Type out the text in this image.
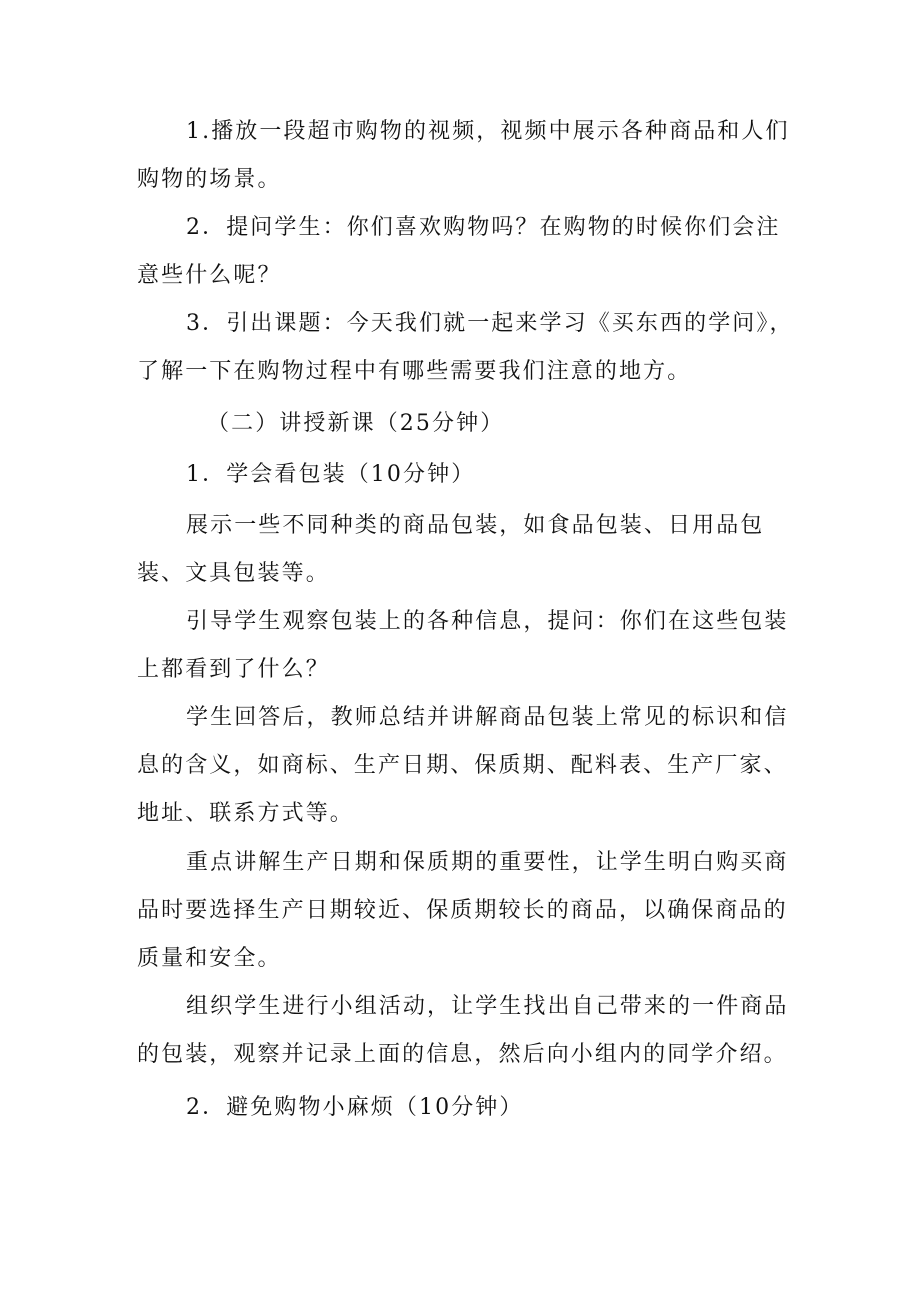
1.播放一段超市购物的视频，视频中展示各种商品和人们购物的场景。

2．提问学生：你们喜欢购物吗？在购物的时候你们会注意些什么呢？

3．引出课题：今天我们就一起来学习《买东西的学问》，了解一下在购物过程中有哪些需要我们注意的地方。

（二）讲授新课（25分钟）

1．学会看包装（10分钟）

展示一些不同种类的商品包装，如食品包装、日用品包装、文具包装等。

引导学生观察包装上的各种信息，提问：你们在这些包装上都看到了什么？

学生回答后，教师总结并讲解商品包装上常见的标识和信息的含义，如商标、生产日期、保质期、配料表、生产厂家、地址、联系方式等。

重点讲解生产日期和保质期的重要性，让学生明白购买商品时要选择生产日期较近、保质期较长的商品，以确保商品的质量和安全。

组织学生进行小组活动，让学生找出自己带来的一件商品的包装，观察并记录上面的信息，然后向小组内的同学介绍。

2．避免购物小麻烦（10分钟）
